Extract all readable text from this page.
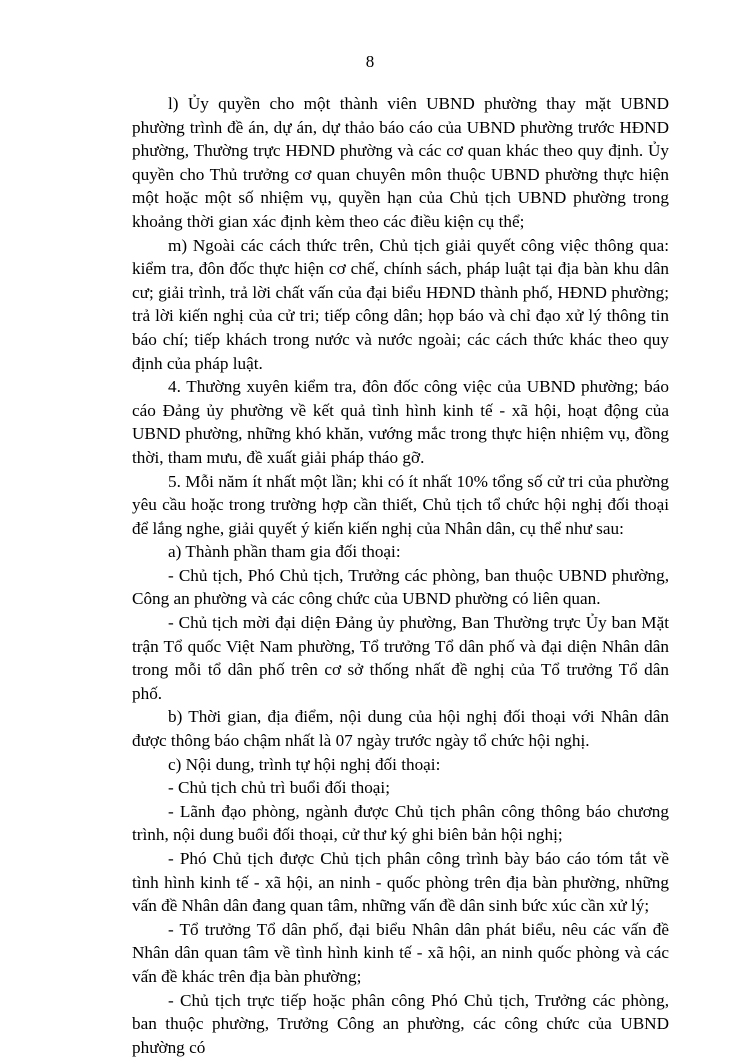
8

l) Ủy quyền cho một thành viên UBND phường thay mặt UBND phường trình đề án, dự án, dự thảo báo cáo của UBND phường trước HĐND phường, Thường trực HĐND phường và các cơ quan khác theo quy định. Ủy quyền cho Thủ trưởng cơ quan chuyên môn thuộc UBND phường thực hiện một hoặc một số nhiệm vụ, quyền hạn của Chủ tịch UBND phường trong khoảng thời gian xác định kèm theo các điều kiện cụ thể;

m) Ngoài các cách thức trên, Chủ tịch giải quyết công việc thông qua: kiểm tra, đôn đốc thực hiện cơ chế, chính sách, pháp luật tại địa bàn khu dân cư; giải trình, trả lời chất vấn của đại biểu HĐND thành phố, HĐND phường; trả lời kiến nghị của cử tri; tiếp công dân; họp báo và chỉ đạo xử lý thông tin báo chí; tiếp khách trong nước và nước ngoài; các cách thức khác theo quy định của pháp luật.

4. Thường xuyên kiểm tra, đôn đốc công việc của UBND phường; báo cáo Đảng ủy phường về kết quả tình hình kinh tế - xã hội, hoạt động của UBND phường, những khó khăn, vướng mắc trong thực hiện nhiệm vụ, đồng thời, tham mưu, đề xuất giải pháp tháo gỡ.

5. Mỗi năm ít nhất một lần; khi có ít nhất 10% tổng số cử tri của phường yêu cầu hoặc trong trường hợp cần thiết, Chủ tịch tổ chức hội nghị đối thoại để lắng nghe, giải quyết ý kiến kiến nghị của Nhân dân, cụ thể như sau:

a) Thành phần tham gia đối thoại:

- Chủ tịch, Phó Chủ tịch, Trưởng các phòng, ban thuộc UBND phường, Công an phường và các công chức của UBND phường có liên quan.

- Chủ tịch mời đại diện Đảng ủy phường, Ban Thường trực Ủy ban Mặt trận Tổ quốc Việt Nam phường, Tổ trưởng Tổ dân phố và đại diện Nhân dân trong mỗi tổ dân phố trên cơ sở thống nhất đề nghị của Tổ trưởng Tổ dân phố.

b) Thời gian, địa điểm, nội dung của hội nghị đối thoại với Nhân dân được thông báo chậm nhất là 07 ngày trước ngày tổ chức hội nghị.

c) Nội dung, trình tự hội nghị đối thoại:

- Chủ tịch chủ trì buổi đối thoại;

- Lãnh đạo phòng, ngành được Chủ tịch phân công thông báo chương trình, nội dung buổi đối thoại, cử thư ký ghi biên bản hội nghị;

- Phó Chủ tịch được Chủ tịch phân công trình bày báo cáo tóm tắt về tình hình kinh tế - xã hội, an ninh - quốc phòng trên địa bàn phường, những vấn đề Nhân dân đang quan tâm, những vấn đề dân sinh bức xúc cần xử lý;

- Tổ trưởng Tổ dân phố, đại biểu Nhân dân phát biểu, nêu các vấn đề Nhân dân quan tâm về tình hình kinh tế - xã hội, an ninh quốc phòng và các vấn đề khác trên địa bàn phường;

- Chủ tịch trực tiếp hoặc phân công Phó Chủ tịch, Trưởng các phòng, ban thuộc phường, Trưởng Công an phường, các công chức của UBND phường có
